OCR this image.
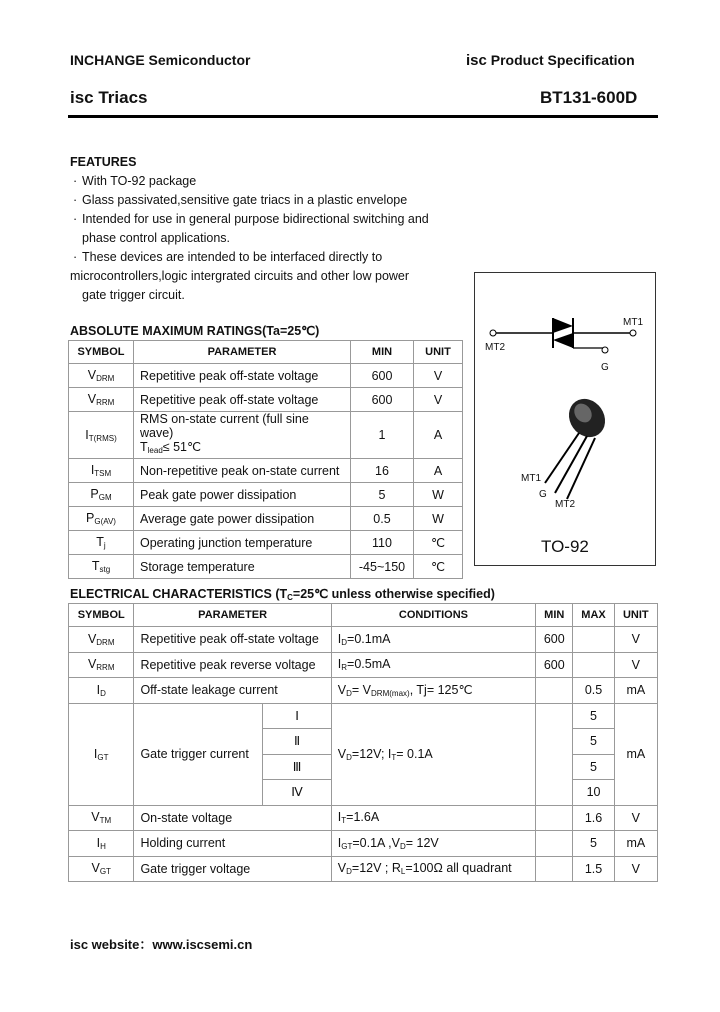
INCHANGE Semiconductor	isc Product Specification
isc Triacs	BT131-600D
FEATURES
· With TO-92 package
· Glass passivated,sensitive gate triacs in a plastic envelope
· Intended for use in general purpose bidirectional switching and
phase control applications.
· These devices are intended to be interfaced directly to
microcontrollers,logic intergrated circuits and other low power
gate trigger circuit.
MT2
MT1
G
MT1
G
MT2
TO-92
ABSOLUTE MAXIMUM RATINGS(Ta=25℃)
SYMBOL	PARAMETER	MIN	UNIT
$V_{DRM}$	Repetitive peak off-state voltage	600	V
$V_{RRM}$	Repetitive peak off-state voltage	600	V
$I_{T(RMS)}$	RMS on-state current (full sine wave)
$T_{lead}\le$ 51℃	1	A
$I_{TSM}$	Non-repetitive peak on-state current	16	A
$P_{GM}$	Peak gate power dissipation	5	W
$P_{G(AV)}$	Average gate power dissipation	0.5	W
$T_j$	Operating junction temperature	110	℃
$T_{stg}$	Storage temperature	-45~150	℃
ELECTRICAL CHARACTERISTICS ($T_C=25℃$ unless otherwise specified)
SYMBOL	PARAMETER		CONDITIONS	MIN	MAX	UNIT
$V_{DRM}$	Repetitive peak off-state voltage		$I_D=0.1mA$	600		V
$V_{RRM}$	Repetitive peak reverse voltage		$I_R=0.5mA$	600		V
$I_D$	Off-state leakage current		$V_D= V_{DRM(max)}$, Tj= 125℃		0.5	mA
$I_{GT}$	Gate trigger current	Ⅰ	$V_D=12V$; $I_T= 0.1A$		5	mA
		Ⅱ			5	
		Ⅲ			5	
		Ⅳ			10	
$V_{TM}$	On-state voltage		$I_T=1.6A$		1.6	V
$I_H$	Holding current		$I_{GT}=0.1A$ $,V_D= 12V$		5	mA
$V_{GT}$	Gate trigger voltage		$V_D=12V$ ; $R_L=100\Omega$ all quadrant		1.5	V
isc website：www.iscsemi.cn
